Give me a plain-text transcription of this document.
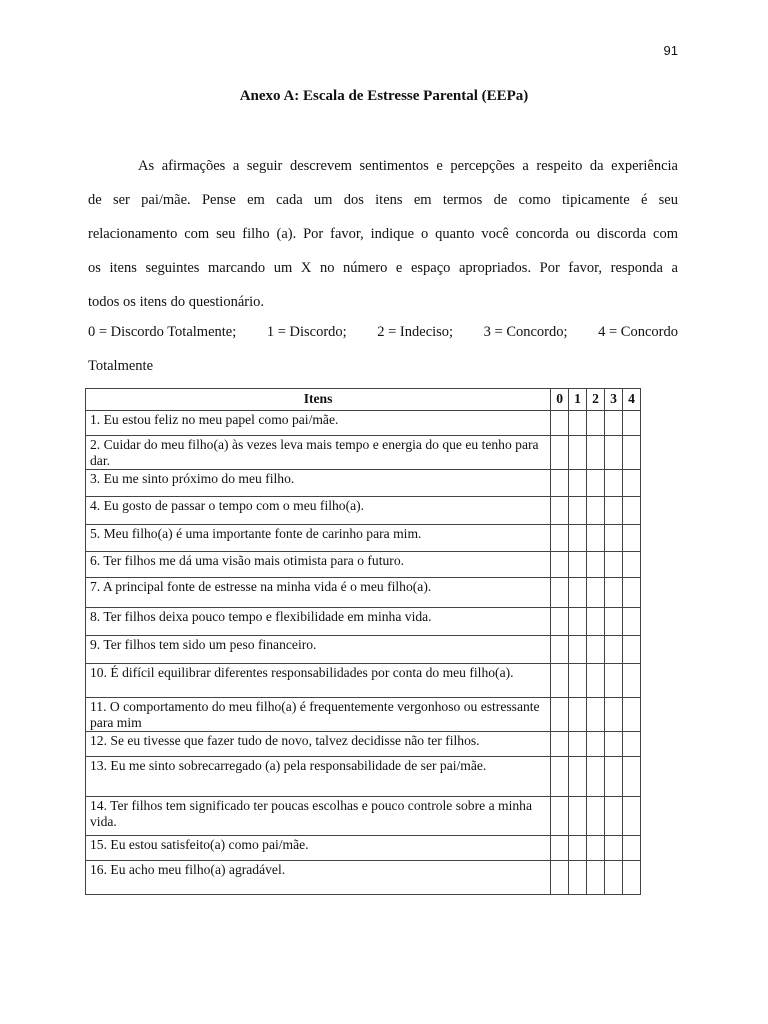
91
Anexo A: Escala de Estresse Parental (EEPa)
As afirmações a seguir descrevem sentimentos e percepções a respeito da experiência
de ser pai/mãe. Pense em cada um dos itens em termos de como tipicamente é seu
relacionamento com seu filho (a). Por favor, indique o quanto você concorda ou discorda com
os itens seguintes marcando um X no número e espaço apropriados. Por favor, responda a
todos os itens do questionário.
0 = Discordo Totalmente; 1 = Discordo; 2 = Indeciso; 3 = Concordo; 4 = Concordo
Totalmente
Itens	0	1	2	3	4
1. Eu estou feliz no meu papel como pai/mãe.					
2. Cuidar do meu filho(a) às vezes leva mais tempo e energia do que eu tenho para dar.					
3. Eu me sinto próximo do meu filho.					
4. Eu gosto de passar o tempo com o meu filho(a).					
5. Meu filho(a) é uma importante fonte de carinho para mim.					
6. Ter filhos me dá uma visão mais otimista para o futuro.					
7. A principal fonte de estresse na minha vida é o meu filho(a).					
8. Ter filhos deixa pouco tempo e flexibilidade em minha vida.					
9. Ter filhos tem sido um peso financeiro.					
10. É difícil equilibrar diferentes responsabilidades por conta do meu filho(a).					
11. O comportamento do meu filho(a) é frequentemente vergonhoso ou estressante para mim					
12. Se eu tivesse que fazer tudo de novo, talvez decidisse não ter filhos.					
13. Eu me sinto sobrecarregado (a) pela responsabilidade de ser pai/mãe.					
14. Ter filhos tem significado ter poucas escolhas e pouco controle sobre a minha vida.					
15. Eu estou satisfeito(a) como pai/mãe.					
16. Eu acho meu filho(a) agradável.					
